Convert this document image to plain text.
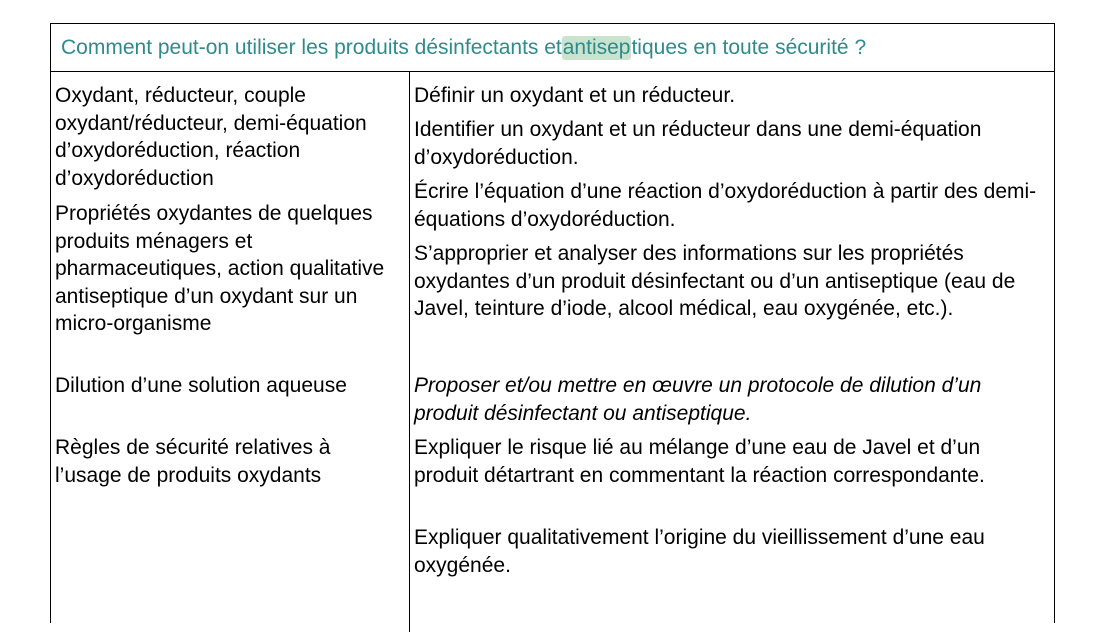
Comment peut-on utiliser les produits désinfectants et antisep tiques en toute sécurité ?

Oxydant, réducteur, couple oxydant/réducteur, demi-équation d’oxydoréduction, réaction d’oxydoréduction

Propriétés oxydantes de quelques produits ménagers et pharmaceutiques, action qualitative antiseptique d’un oxydant sur un micro-organisme

Dilution d’une solution aqueuse

Règles de sécurité relatives à l’usage de produits oxydants

Définir un oxydant et un réducteur.

Identifier un oxydant et un réducteur dans une demi-équation d’oxydoréduction.

Écrire l’équation d’une réaction d’oxydoréduction à partir des demi-équations d’oxydoréduction.

S’approprier et analyser des informations sur les propriétés oxydantes d’un produit désinfectant ou d’un antiseptique (eau de Javel, teinture d’iode, alcool médical, eau oxygénée, etc.).

Proposer et/ou mettre en œuvre un protocole de dilution d’un produit désinfectant ou antiseptique.

Expliquer le risque lié au mélange d’une eau de Javel et d’un produit détartrant en commentant la réaction correspondante.

Expliquer qualitativement l’origine du vieillissement d’une eau oxygénée.
